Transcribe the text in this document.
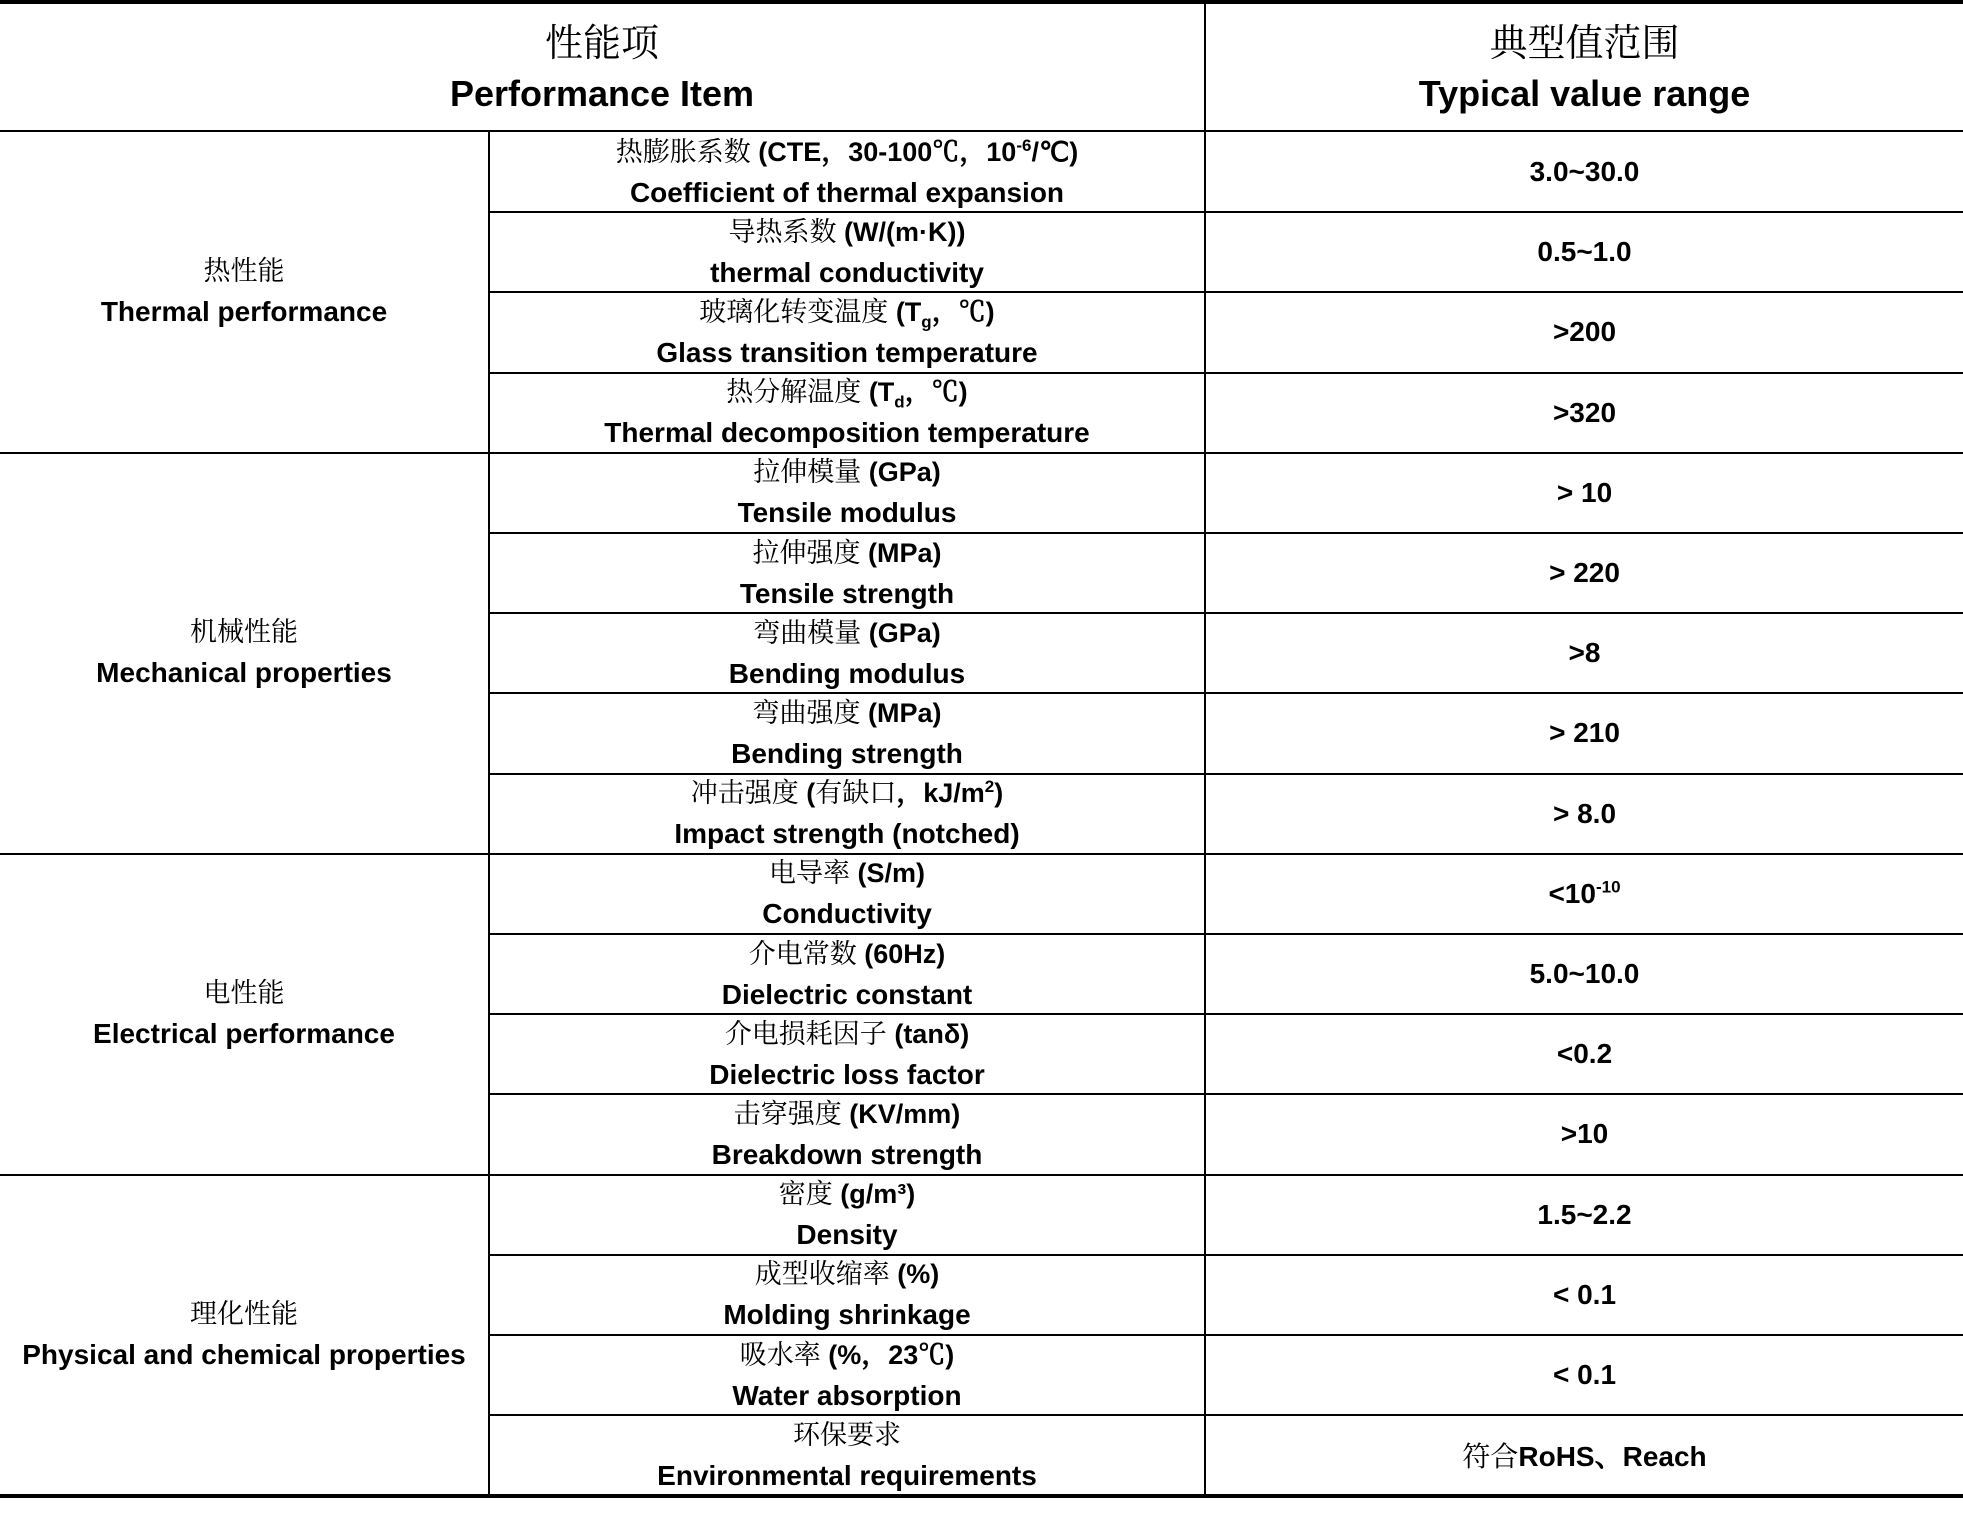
性能项
Performance Item
典型值范围
Typical value range
热性能
Thermal performance
热膨胀系数 (CTE，30-100℃，$10^{-6}/℃$)
Coefficient of thermal expansion
3.0~30.0
导热系数 (W/(m·K))
thermal conductivity
0.5~1.0
玻璃化转变温度 ($T_g$，℃)
Glass transition temperature
>200
热分解温度 ($T_d$，℃)
Thermal decomposition temperature
>320
机械性能
Mechanical properties
拉伸模量 (GPa)
Tensile modulus
> 10
拉伸强度 (MPa)
Tensile strength
> 220
弯曲模量 (GPa)
Bending modulus
>8
弯曲强度 (MPa)
Bending strength
> 210
冲击强度 (有缺口，$kJ/m^2$)
Impact strength (notched)
> 8.0
电性能
Electrical performance
电导率 (S/m)
Conductivity
$<10^{-10}$
介电常数 (60Hz)
Dielectric constant
5.0~10.0
介电损耗因子 (tanδ)
Dielectric loss factor
<0.2
击穿强度 (KV/mm)
Breakdown strength
>10
理化性能
Physical and chemical properties
密度 (g/m³)
Density
1.5~2.2
成型收缩率 (%)
Molding shrinkage
< 0.1
吸水率 (%，23℃)
Water absorption
< 0.1
环保要求
Environmental requirements
符合RoHS、Reach
